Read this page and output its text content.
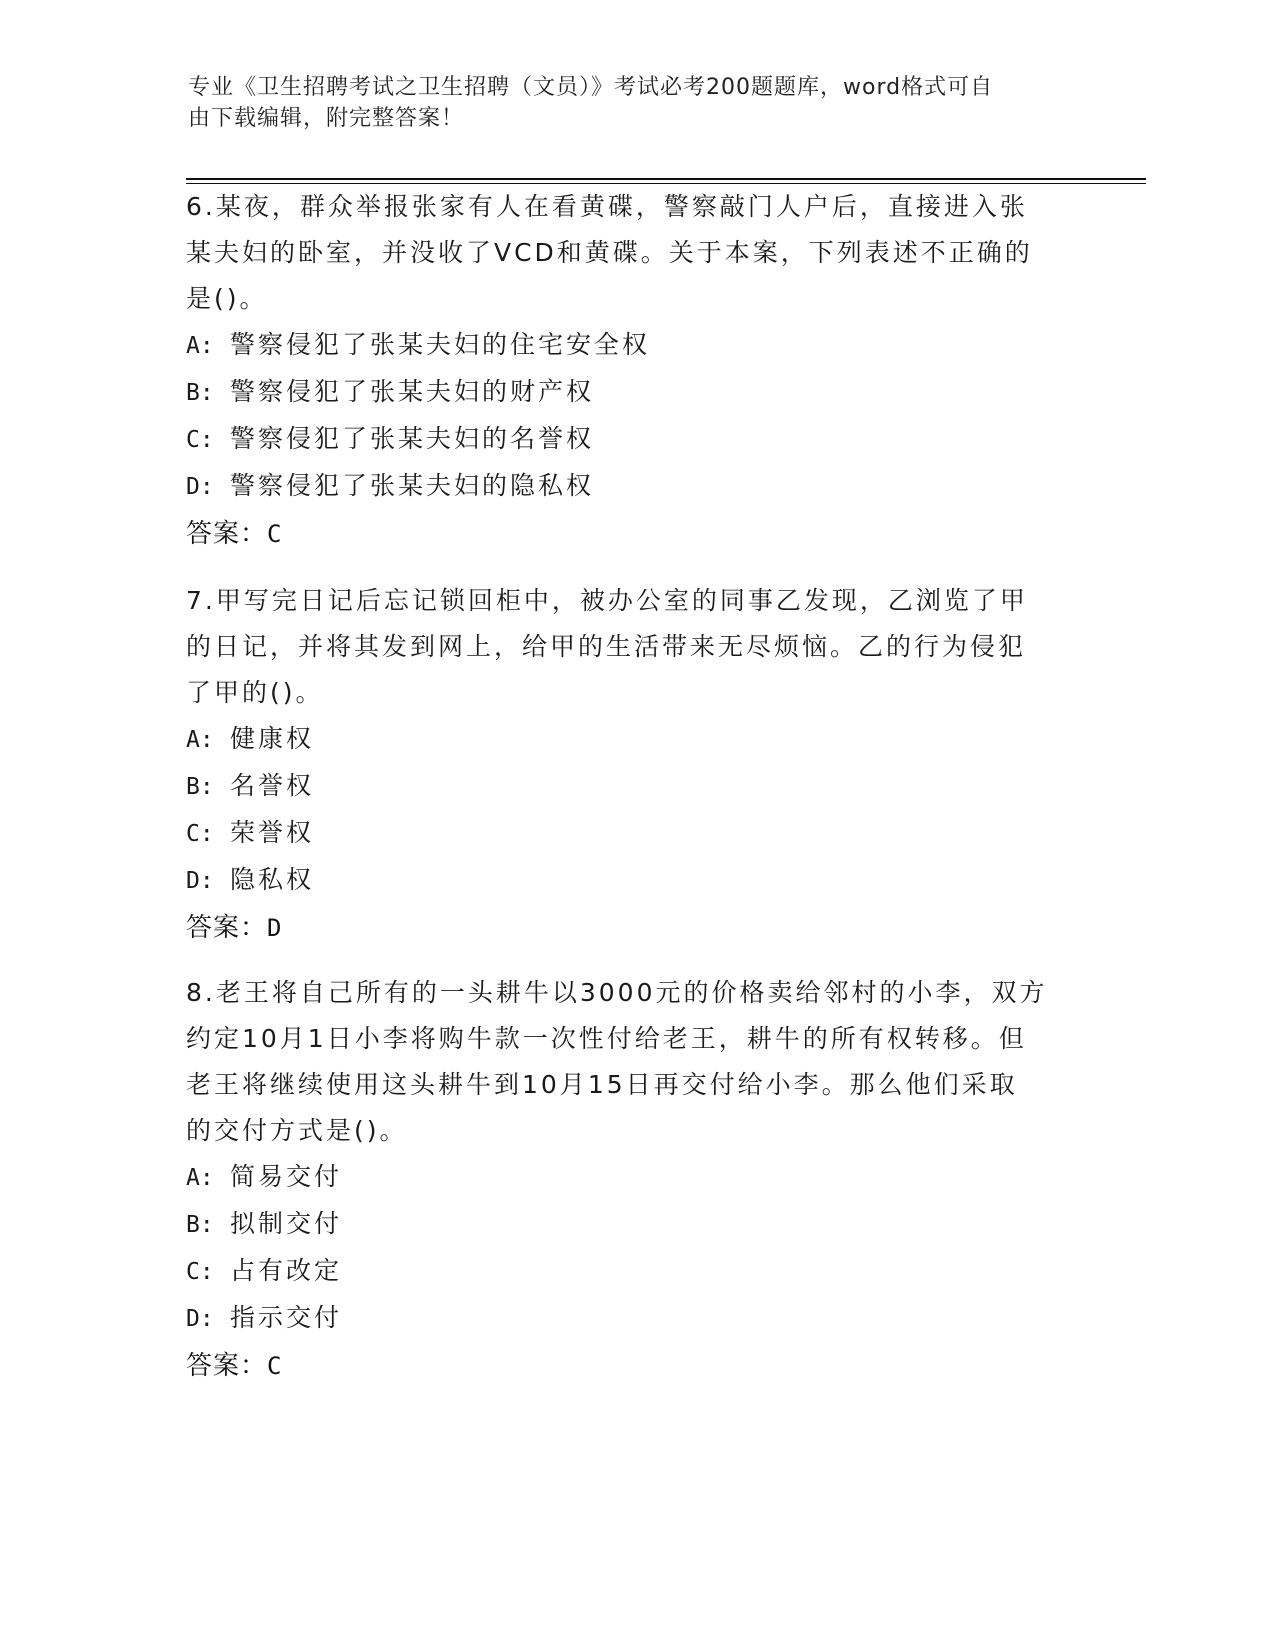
专业《卫生招聘考试之卫生招聘（文员）》考试必考200题题库，word格式可自
由下载编辑，附完整答案！

6.某夜，群众举报张家有人在看黄碟，警察敲门人户后，直接进入张

某夫妇的卧室，并没收了VCD和黄碟。关于本案，下列表述不正确的

是()。

A: 警察侵犯了张某夫妇的住宅安全权

B: 警察侵犯了张某夫妇的财产权

C: 警察侵犯了张某夫妇的名誉权

D: 警察侵犯了张某夫妇的隐私权

答案：C

7.甲写完日记后忘记锁回柜中，被办公室的同事乙发现，乙浏览了甲

的日记，并将其发到网上，给甲的生活带来无尽烦恼。乙的行为侵犯

了甲的()。

A: 健康权

B: 名誉权

C: 荣誉权

D: 隐私权

答案：D

8.老王将自己所有的一头耕牛以3000元的价格卖给邻村的小李，双方

约定10月1日小李将购牛款一次性付给老王，耕牛的所有权转移。但

老王将继续使用这头耕牛到10月15日再交付给小李。那么他们采取

的交付方式是()。

A: 简易交付

B: 拟制交付

C: 占有改定

D: 指示交付

答案：C
